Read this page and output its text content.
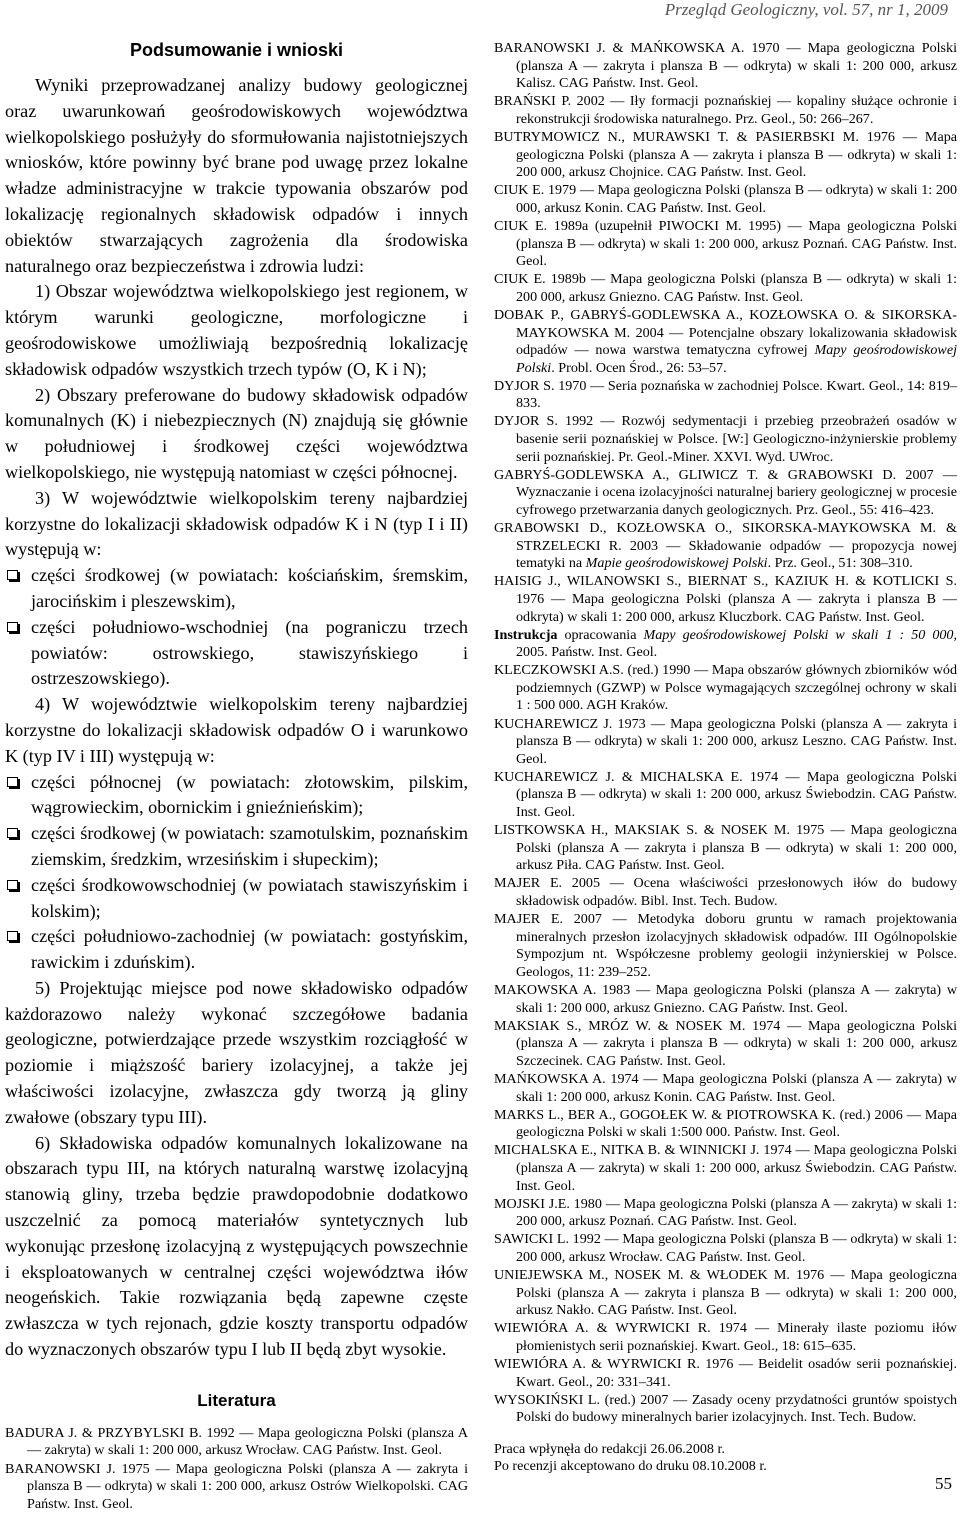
Przegląd Geologiczny, vol. 57, nr 1, 2009
Podsumowanie i wnioski

Wyniki przeprowadzanej analizy budowy geologicznej oraz uwarunkowań geośrodowiskowych województwa wielkopolskiego posłużyły do sformułowania najistotniejszych wniosków, które powinny być brane pod uwagę przez lokalne władze administracyjne w trakcie typowania obszarów pod lokalizację regionalnych składowisk odpadów i innych obiektów stwarzających zagrożenia dla środowiska naturalnego oraz bezpieczeństwa i zdrowia ludzi:

1) Obszar województwa wielkopolskiego jest regionem, w którym warunki geologiczne, morfologiczne i geośrodowiskowe umożliwiają bezpośrednią lokalizację składowisk odpadów wszystkich trzech typów (O, K i N);

2) Obszary preferowane do budowy składowisk odpadów komunalnych (K) i niebezpiecznych (N) znajdują się głównie w południowej i środkowej części województwa wielkopolskiego, nie występują natomiast w części północnej.

3) W województwie wielkopolskim tereny najbardziej korzystne do lokalizacji składowisk odpadów K i N (typ I i II) występują w:

części środkowej (w powiatach: kościańskim, śremskim, jarocińskim i pleszewskim),
części południowo-wschodniej (na pograniczu trzech powiatów: ostrowskiego, stawiszyńskiego i ostrzeszowskiego).

4) W województwie wielkopolskim tereny najbardziej korzystne do lokalizacji składowisk odpadów O i warunkowo K (typ IV i III) występują w:

części północnej (w powiatach: złotowskim, pilskim, wągrowieckim, obornickim i gnieźnieńskim);
części środkowej (w powiatach: szamotulskim, poznańskim ziemskim, średzkim, wrzesińskim i słupeckim);
części środkowowschodniej (w powiatach stawiszyńskim i kolskim);
części południowo-zachodniej (w powiatach: gostyńskim, rawickim i zduńskim).

5) Projektując miejsce pod nowe składowisko odpadów każdorazowo należy wykonać szczegółowe badania geologiczne, potwierdzające przede wszystkim rozciągłość w poziomie i miąższość bariery izolacyjnej, a także jej właściwości izolacyjne, zwłaszcza gdy tworzą ją gliny zwałowe (obszary typu III).

6) Składowiska odpadów komunalnych lokalizowane na obszarach typu III, na których naturalną warstwę izolacyjną stanowią gliny, trzeba będzie prawdopodobnie dodatkowo uszczelnić za pomocą materiałów syntetycznych lub wykonując przesłonę izolacyjną z występujących powszechnie i eksploatowanych w centralnej części województwa iłów neogeńskich. Takie rozwiązania będą zapewne częste zwłaszcza w tych rejonach, gdzie koszty transportu odpadów do wyznaczonych obszarów typu I lub II będą zbyt wysokie.

Literatura

BADURA J. & PRZYBYLSKI B. 1992 — Mapa geologiczna Polski (plansza A — zakryta) w skali 1: 200 000, arkusz Wrocław. CAG Państw. Inst. Geol.

BARANOWSKI J. 1975 — Mapa geologiczna Polski (plansza A — zakryta i plansza B — odkryta) w skali 1: 200 000, arkusz Ostrów Wielkopolski. CAG Państw. Inst. Geol.

BARANOWSKI J. & MAŃKOWSKA A. 1970 — Mapa geologiczna Polski (plansza A — zakryta i plansza B — odkryta) w skali 1: 200 000, arkusz Kalisz. CAG Państw. Inst. Geol.

BRAŃSKI P. 2002 — Iły formacji poznańskiej — kopaliny służące ochronie i rekonstrukcji środowiska naturalnego. Prz. Geol., 50: 266–267.

BUTRYMOWICZ N., MURAWSKI T. & PASIERBSKI M. 1976 — Mapa geologiczna Polski (plansza A — zakryta i plansza B — odkryta) w skali 1: 200 000, arkusz Chojnice. CAG Państw. Inst. Geol.

CIUK E. 1979 — Mapa geologiczna Polski (plansza B — odkryta) w skali 1: 200 000, arkusz Konin. CAG Państw. Inst. Geol.

CIUK E. 1989a (uzupełnił PIWOCKI M. 1995) — Mapa geologiczna Polski (plansza B — odkryta) w skali 1: 200 000, arkusz Poznań. CAG Państw. Inst. Geol.

CIUK E. 1989b — Mapa geologiczna Polski (plansza B — odkryta) w skali 1: 200 000, arkusz Gniezno. CAG Państw. Inst. Geol.

DOBAK P., GABRYŚ-GODLEWSKA A., KOZŁOWSKA O. & SIKORSKA-MAYKOWSKA M. 2004 — Potencjalne obszary lokalizowania składowisk odpadów — nowa warstwa tematyczna cyfrowej Mapy geośrodowiskowej Polski. Probl. Ocen Środ., 26: 53–57.

DYJOR S. 1970 — Seria poznańska w zachodniej Polsce. Kwart. Geol., 14: 819–833.

DYJOR S. 1992 — Rozwój sedymentacji i przebieg przeobrażeń osadów w basenie serii poznańskiej w Polsce. [W:] Geologiczno-inżynierskie problemy serii poznańskiej. Pr. Geol.-Miner. XXVI. Wyd. UWroc.

GABRYŚ-GODLEWSKA A., GLIWICZ T. & GRABOWSKI D. 2007 — Wyznaczanie i ocena izolacyjności naturalnej bariery geologicznej w procesie cyfrowego przetwarzania danych geologicznych. Prz. Geol., 55: 416–423.

GRABOWSKI D., KOZŁOWSKA O., SIKORSKA-MAYKOWSKA M. & STRZELECKI R. 2003 — Składowanie odpadów — propozycja nowej tematyki na Mapie geośrodowiskowej Polski. Prz. Geol., 51: 308–310.

HAISIG J., WILANOWSKI S., BIERNAT S., KAZIUK H. & KOTLICKI S. 1976 — Mapa geologiczna Polski (plansza A — zakryta i plansza B — odkryta) w skali 1: 200 000, arkusz Kluczbork. CAG Państw. Inst. Geol.

Instrukcja opracowania Mapy geośrodowiskowej Polski w skali 1 : 50 000, 2005. Państw. Inst. Geol.

KLECZKOWSKI A.S. (red.) 1990 — Mapa obszarów głównych zbiorników wód podziemnych (GZWP) w Polsce wymagających szczególnej ochrony w skali 1 : 500 000. AGH Kraków.

KUCHAREWICZ J. 1973 — Mapa geologiczna Polski (plansza A — zakryta i plansza B — odkryta) w skali 1: 200 000, arkusz Leszno. CAG Państw. Inst. Geol.

KUCHAREWICZ J. & MICHALSKA E. 1974 — Mapa geologiczna Polski (plansza B — odkryta) w skali 1: 200 000, arkusz Świebodzin. CAG Państw. Inst. Geol.

LISTKOWSKA H., MAKSIAK S. & NOSEK M. 1975 — Mapa geologiczna Polski (plansza A — zakryta i plansza B — odkryta) w skali 1: 200 000, arkusz Piła. CAG Państw. Inst. Geol.

MAJER E. 2005 — Ocena właściwości przesłonowych iłów do budowy składowisk odpadów. Bibl. Inst. Tech. Budow.

MAJER E. 2007 — Metodyka doboru gruntu w ramach projektowania mineralnych przesłon izolacyjnych składowisk odpadów. III Ogólnopolskie Sympozjum nt. Współczesne problemy geologii inżynierskiej w Polsce. Geologos, 11: 239–252.

MAKOWSKA A. 1983 — Mapa geologiczna Polski (plansza A — zakryta) w skali 1: 200 000, arkusz Gniezno. CAG Państw. Inst. Geol.

MAKSIAK S., MRÓZ W. & NOSEK M. 1974 — Mapa geologiczna Polski (plansza A — zakryta i plansza B — odkryta) w skali 1: 200 000, arkusz Szczecinek. CAG Państw. Inst. Geol.

MAŃKOWSKA A. 1974 — Mapa geologiczna Polski (plansza A — zakryta) w skali 1: 200 000, arkusz Konin. CAG Państw. Inst. Geol.

MARKS L., BER A., GOGOŁEK W. & PIOTROWSKA K. (red.) 2006 — Mapa geologiczna Polski w skali 1:500 000. Państw. Inst. Geol.

MICHALSKA E., NITKA B. & WINNICKI J. 1974 — Mapa geologiczna Polski (plansza A — zakryta) w skali 1: 200 000, arkusz Świebodzin. CAG Państw. Inst. Geol.

MOJSKI J.E. 1980 — Mapa geologiczna Polski (plansza A — zakryta) w skali 1: 200 000, arkusz Poznań. CAG Państw. Inst. Geol.

SAWICKI L. 1992 — Mapa geologiczna Polski (plansza B — odkryta) w skali 1: 200 000, arkusz Wrocław. CAG Państw. Inst. Geol.

UNIEJEWSKA M., NOSEK M. & WŁODEK M. 1976 — Mapa geologiczna Polski (plansza A — zakryta i plansza B — odkryta) w skali 1: 200 000, arkusz Nakło. CAG Państw. Inst. Geol.

WIEWIÓRA A. & WYRWICKI R. 1974 — Minerały ilaste poziomu iłów płomienistych serii poznańskiej. Kwart. Geol., 18: 615–635.

WIEWIÓRA A. & WYRWICKI R. 1976 — Beidelit osadów serii poznańskiej. Kwart. Geol., 20: 331–341.

WYSOKIŃSKI L. (red.) 2007 — Zasady oceny przydatności gruntów spoistych Polski do budowy mineralnych barier izolacyjnych. Inst. Tech. Budow.

Praca wpłynęła do redakcji 26.06.2008 r.
Po recenzji akceptowano do druku 08.10.2008 r.
55
